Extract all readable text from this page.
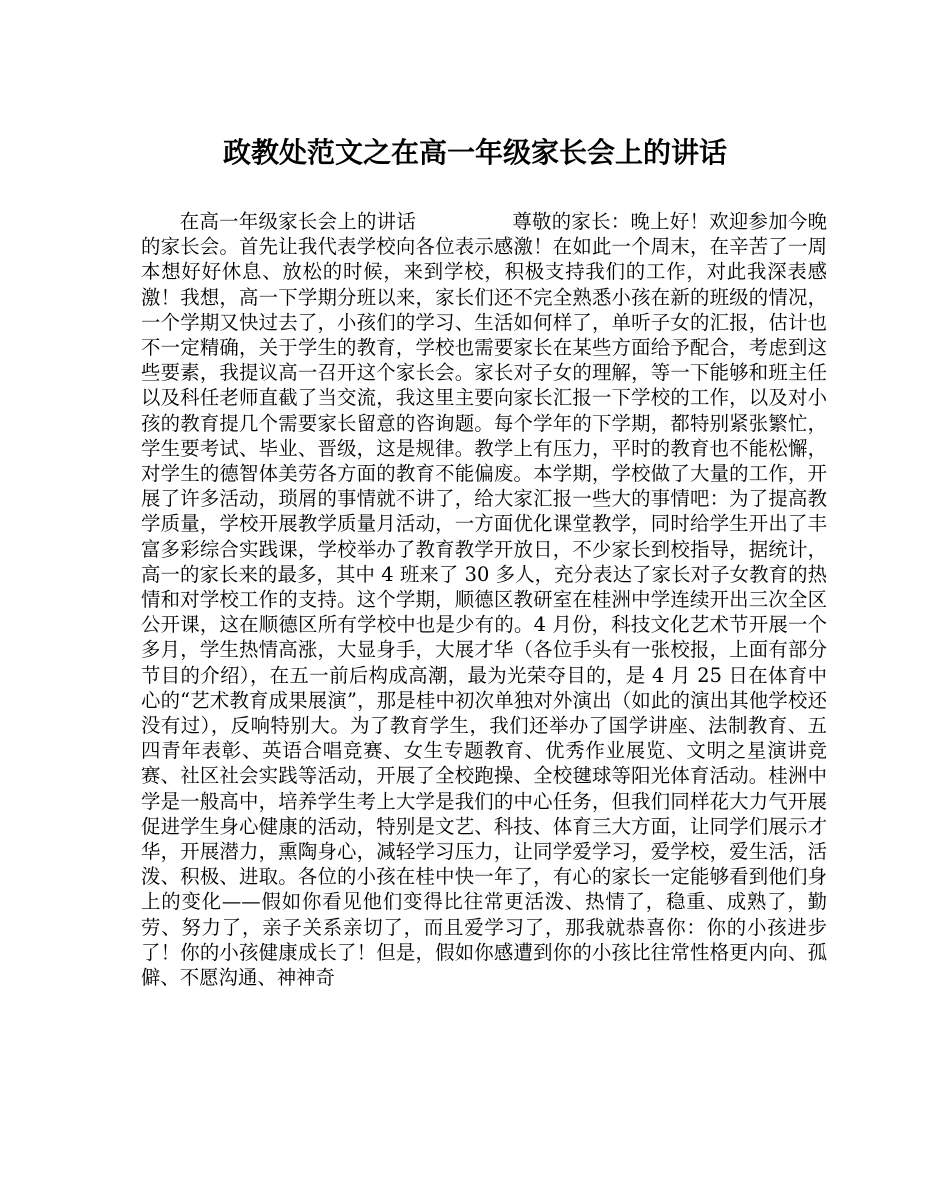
政教处范文之在高一年级家长会上的讲话

在高一年级家长会上的讲话	尊敬的家长：晚上好！欢迎参加今晚的家长会。首先让我代表学校向各位表示感激！在如此一个周末，在辛苦了一周本想好好休息、放松的时候，来到学校，积极支持我们的工作，对此我深表感激！我想，高一下学期分班以来，家长们还不完全熟悉小孩在新的班级的情况，一个学期又快过去了，小孩们的学习、生活如何样了，单听子女的汇报，估计也不一定精确，关于学生的教育，学校也需要家长在某些方面给予配合，考虑到这些要素，我提议高一召开这个家长会。家长对子女的理解，等一下能够和班主任以及科任老师直截了当交流，我这里主要向家长汇报一下学校的工作，以及对小孩的教育提几个需要家长留意的咨询题。每个学年的下学期，都特别紧张繁忙，学生要考试、毕业、晋级，这是规律。教学上有压力，平时的教育也不能松懈，对学生的德智体美劳各方面的教育不能偏废。本学期，学校做了大量的工作，开展了许多活动，琐屑的事情就不讲了，给大家汇报一些大的事情吧：为了提高教学质量，学校开展教学质量月活动，一方面优化课堂教学，同时给学生开出了丰富多彩综合实践课，学校举办了教育教学开放日，不少家长到校指导，据统计，高一的家长来的最多，其中 4 班来了 30 多人，充分表达了家长对子女教育的热情和对学校工作的支持。这个学期，顺德区教研室在桂洲中学连续开出三次全区公开课，这在顺德区所有学校中也是少有的。4 月份，科技文化艺术节开展一个多月，学生热情高涨，大显身手，大展才华（各位手头有一张校报，上面有部分节目的介绍），在五一前后构成高潮，最为光荣夺目的，是 4 月 25 日在体育中心的“艺术教育成果展演”，那是桂中初次单独对外演出（如此的演出其他学校还没有过），反响特别大。为了教育学生，我们还举办了国学讲座、法制教育、五四青年表彰、英语合唱竞赛、女生专题教育、优秀作业展览、文明之星演讲竞赛、社区社会实践等活动，开展了全校跑操、全校毽球等阳光体育活动。桂洲中学是一般高中，培养学生考上大学是我们的中心任务，但我们同样花大力气开展促进学生身心健康的活动，特别是文艺、科技、体育三大方面，让同学们展示才华，开展潜力，熏陶身心，减轻学习压力，让同学爱学习，爱学校，爱生活，活泼、积极、进取。各位的小孩在桂中快一年了，有心的家长一定能够看到他们身上的变化——假如你看见他们变得比往常更活泼、热情了，稳重、成熟了，勤劳、努力了，亲子关系亲切了，而且爱学习了，那我就恭喜你：你的小孩进步了！你的小孩健康成长了！但是，假如你感遭到你的小孩比往常性格更内向、孤僻、不愿沟通、神神奇
